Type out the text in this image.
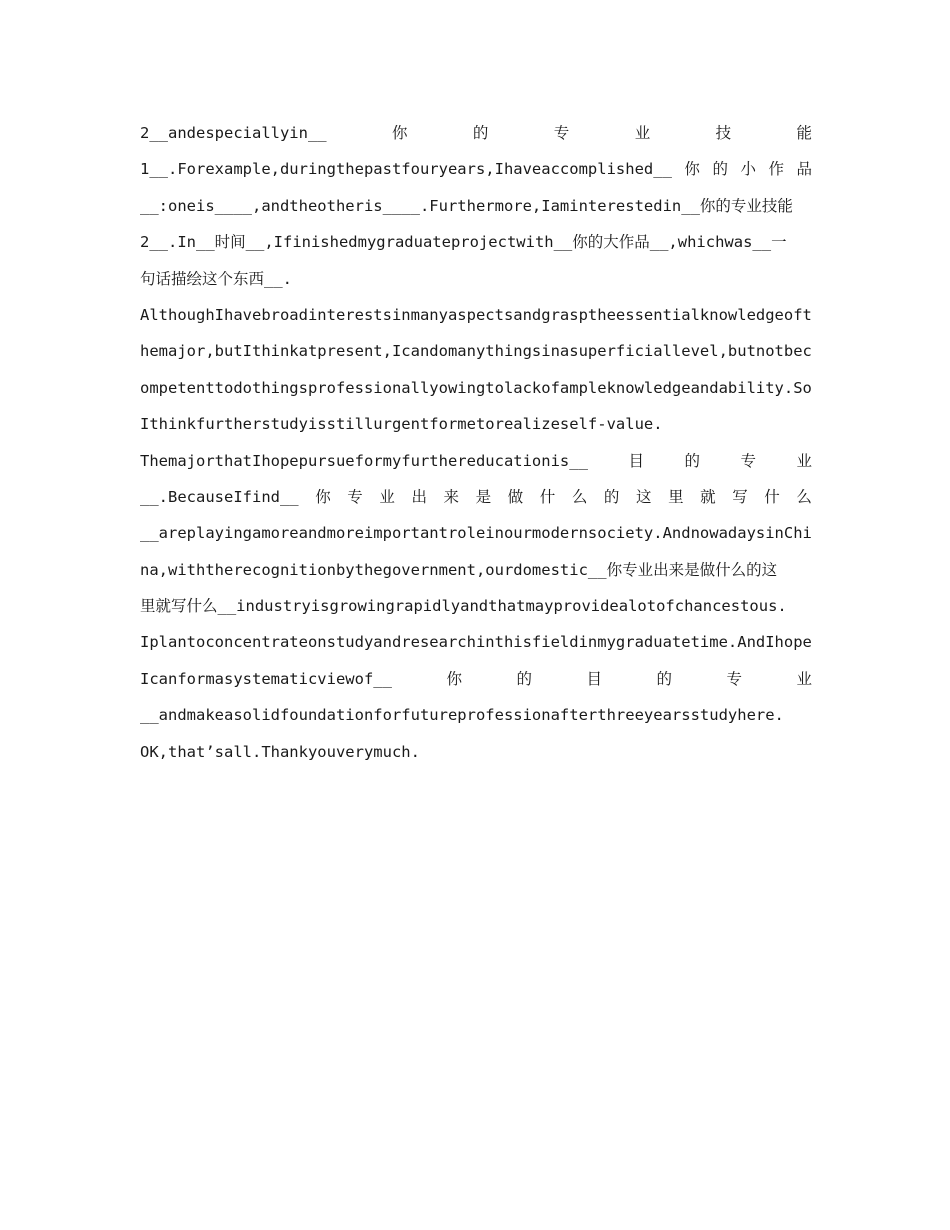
2__andespeciallyin__	你	的	专	业	技	能
1__.Forexample,duringthepastfouryears,Ihaveaccomplished__ 你 的 小 作 品
__:oneis____,andtheotheris____.Furthermore,Iaminterestedin__你的专业技能
2__.In__时间__,Ifinishedmygraduateprojectwith__你的大作品__,whichwas__一
句话描绘这个东西__.
AlthoughIhavebroadinterestsinmanyaspectsandgrasptheessentialknowledgeoft
hemajor,butIthinkatpresent,Icandomanythingsinasuperficiallevel,butnotbec
ompetenttodothingsprofessionallyowingtolackofampleknowledgeandability.So
Ithinkfurtherstudyisstillurgentformetorealizeself-value.
ThemajorthatIhopepursueformyfurthereducationis__	目	的	专	业
__.BecauseIfind__ 你 专 业 出 来 是 做 什 么 的 这 里 就 写 什 么
__areplayingamoreandmoreimportantroleinourmodernsociety.AndnowadaysinChi
na,withtherecognitionbythegovernment,ourdomestic__你专业出来是做什么的这
里就写什么__industryisgrowingrapidlyandthatmayprovidealotofchancestous.
Iplantoconcentrateonstudyandresearchinthisfieldinmygraduatetime.AndIhope
Icanformasystematicviewof__	你	的	目	的	专	业
__andmakeasolidfoundationforfutureprofessionafterthreeyearsstudyhere.
OK,that’sall.Thankyouverymuch.
